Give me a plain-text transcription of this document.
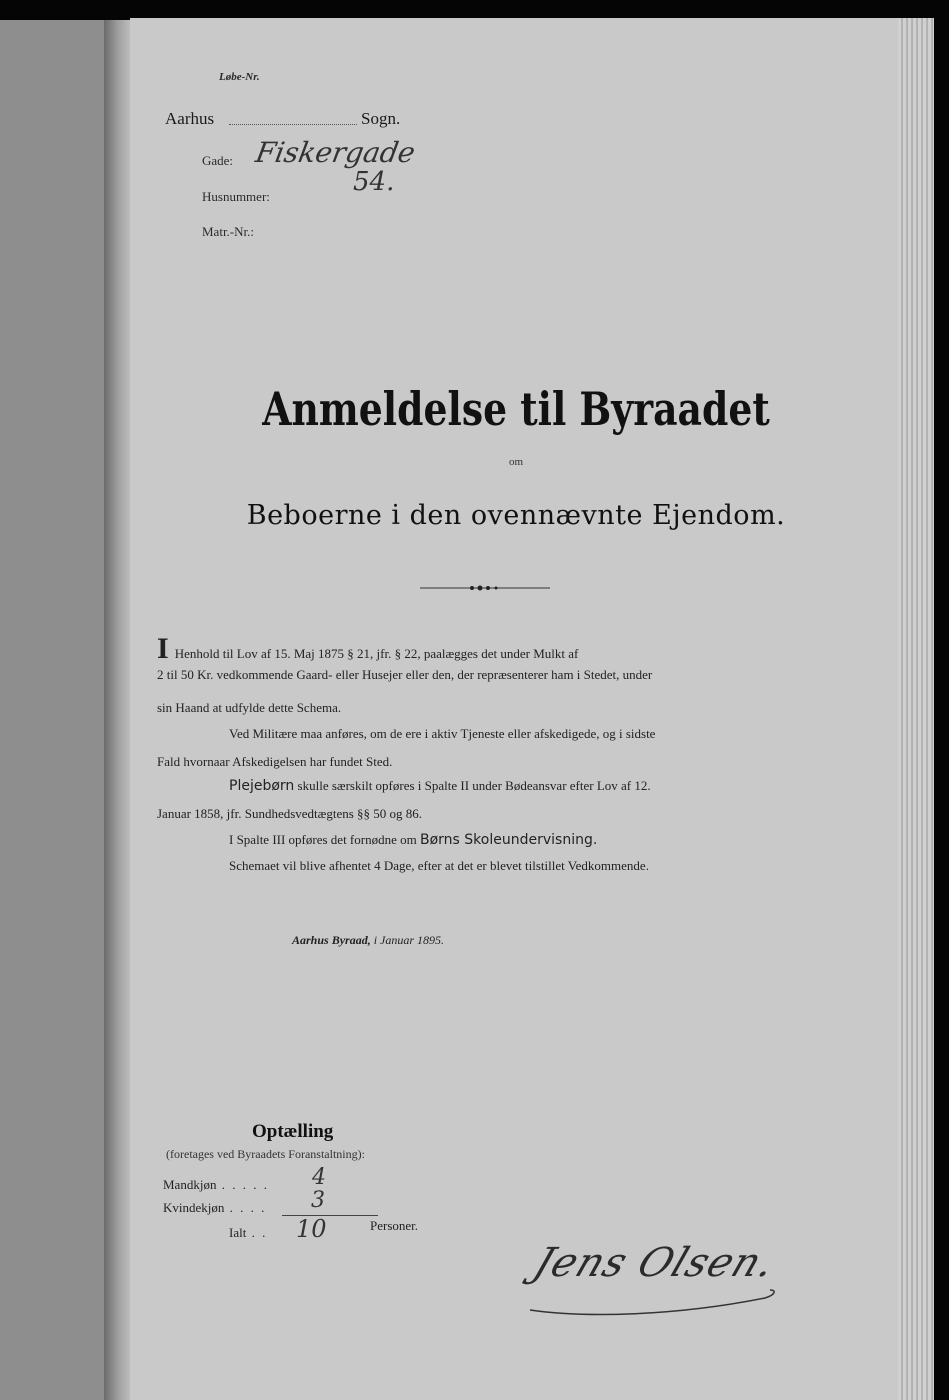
Løbe-Nr.
Aarhus	Sogn.
Gade: Fiskergade
Husnummer:	54.
Matr.-Nr.:
Anmeldelse til Byraadet
om
Beboerne i den ovennævnte Ejendom.
I Henhold til Lov af 15. Maj 1875 § 21, jfr. § 22, paalægges det under Mulkt af
2 til 50 Kr. vedkommende Gaard- eller Husejer eller den, der repræsenterer ham i Stedet, under
sin Haand at udfylde dette Schema.
Ved Militære maa anføres, om de ere i aktiv Tjeneste eller afskedigede, og i sidste
Fald hvornaar Afskedigelsen har fundet Sted.
Plejebørn skulle særskilt opføres i Spalte II under Bødeansvar efter Lov af 12.
Januar 1858, jfr. Sundhedsvedtægtens §§ 50 og 86.
I Spalte III opføres det fornødne om Børns Skoleundervisning.
Schemaet vil blive afhentet 4 Dage, efter at det er blevet tilstillet Vedkommende.
Aarhus Byraad, i Januar 1895.
Optælling
(foretages ved Byraadets Foranstaltning):
Mandkjøn . . . . . 4
Kvindekjøn . . . . 3
Ialt . . 10	Personer.
Jens Olsen.
